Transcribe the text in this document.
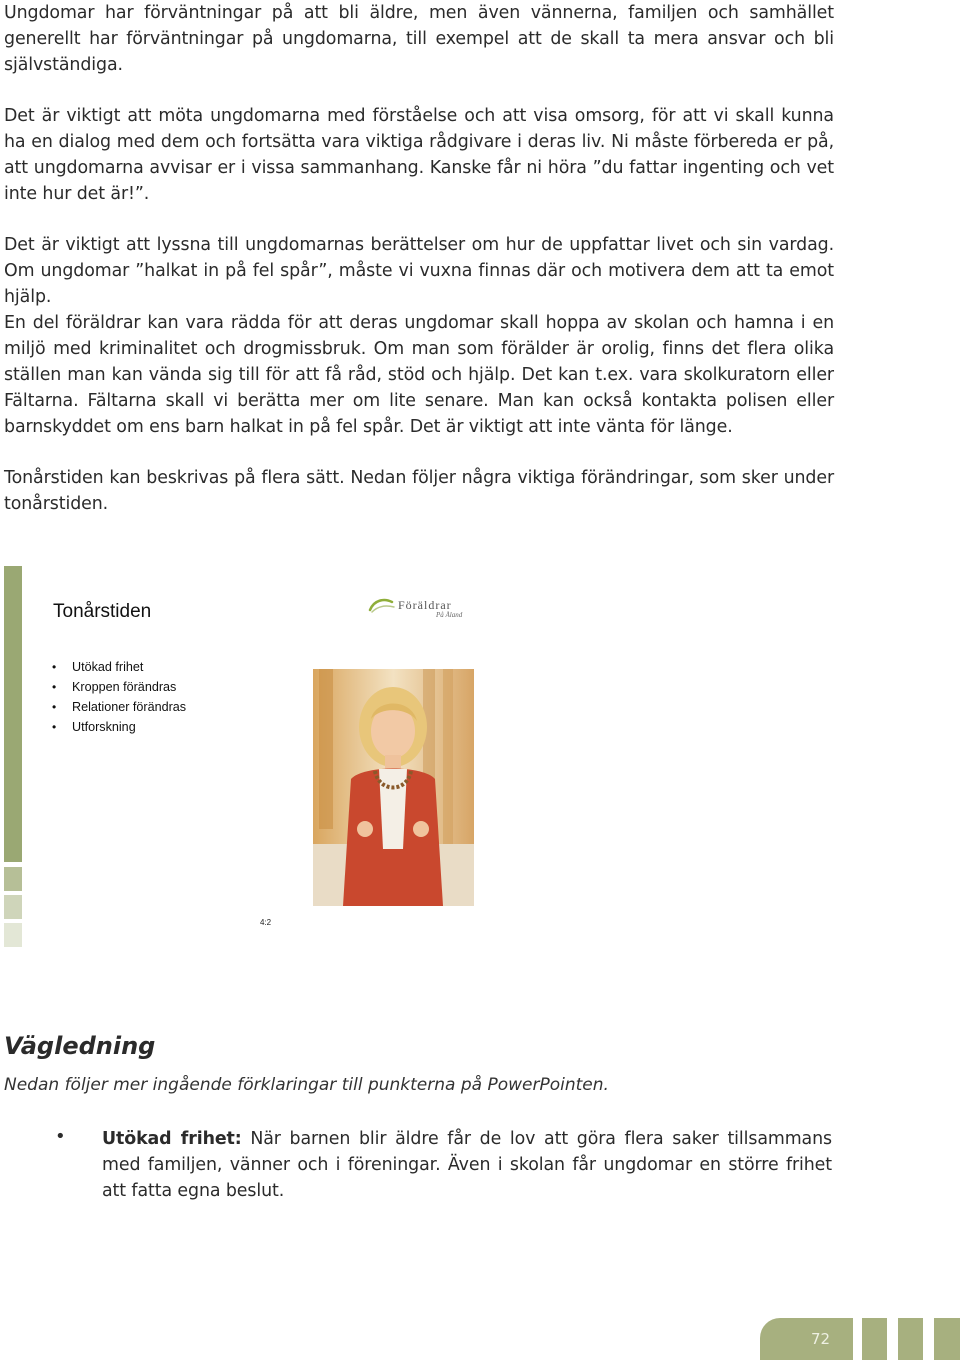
Ungdomar har förväntningar på att bli äldre, men även vännerna, familjen och samhället generellt har förväntningar på ungdomarna, till exempel att de skall ta mera ansvar och bli självständiga.

Det är viktigt att möta ungdomarna med förståelse och att visa omsorg, för att vi skall kunna ha en dialog med dem och fortsätta vara viktiga rådgivare i deras liv. Ni måste förbereda er på, att ungdomarna avvisar er i vissa sammanhang. Kanske får ni höra ”du fattar ingenting och vet inte hur det är!”.

Det är viktigt att lyssna till ungdomarnas berättelser om hur de uppfattar livet och sin vardag. Om ungdomar ”halkat in på fel spår”, måste vi vuxna finnas där och motivera dem att ta emot hjälp.

En del föräldrar kan vara rädda för att deras ungdomar skall hoppa av skolan och hamna i en miljö med kriminalitet och drogmissbruk. Om man som förälder är orolig, finns det flera olika ställen man kan vända sig till för att få råd, stöd och hjälp. Det kan t.ex. vara skolkuratorn eller Fältarna. Fältarna skall vi berätta mer om lite senare. Man kan också kontakta polisen eller barnskyddet om ens barn halkat in på fel spår. Det är viktigt att inte vänta för länge.

Tonårstiden kan beskrivas på flera sätt. Nedan följer några viktiga förändringar, som sker under tonårstiden.

Tonårstiden	Föräldrar
På Åland
• Utökad frihet
• Kroppen förändras
• Relationer förändras
• Utforskning
4:2
Vägledning

Nedan följer mer ingående förklaringar till punkterna på PowerPointen.

• Utökad frihet: När barnen blir äldre får de lov att göra flera saker tillsammans med familjen, vänner och i föreningar. Även i skolan får ungdomar en större frihet att fatta egna beslut.

72
